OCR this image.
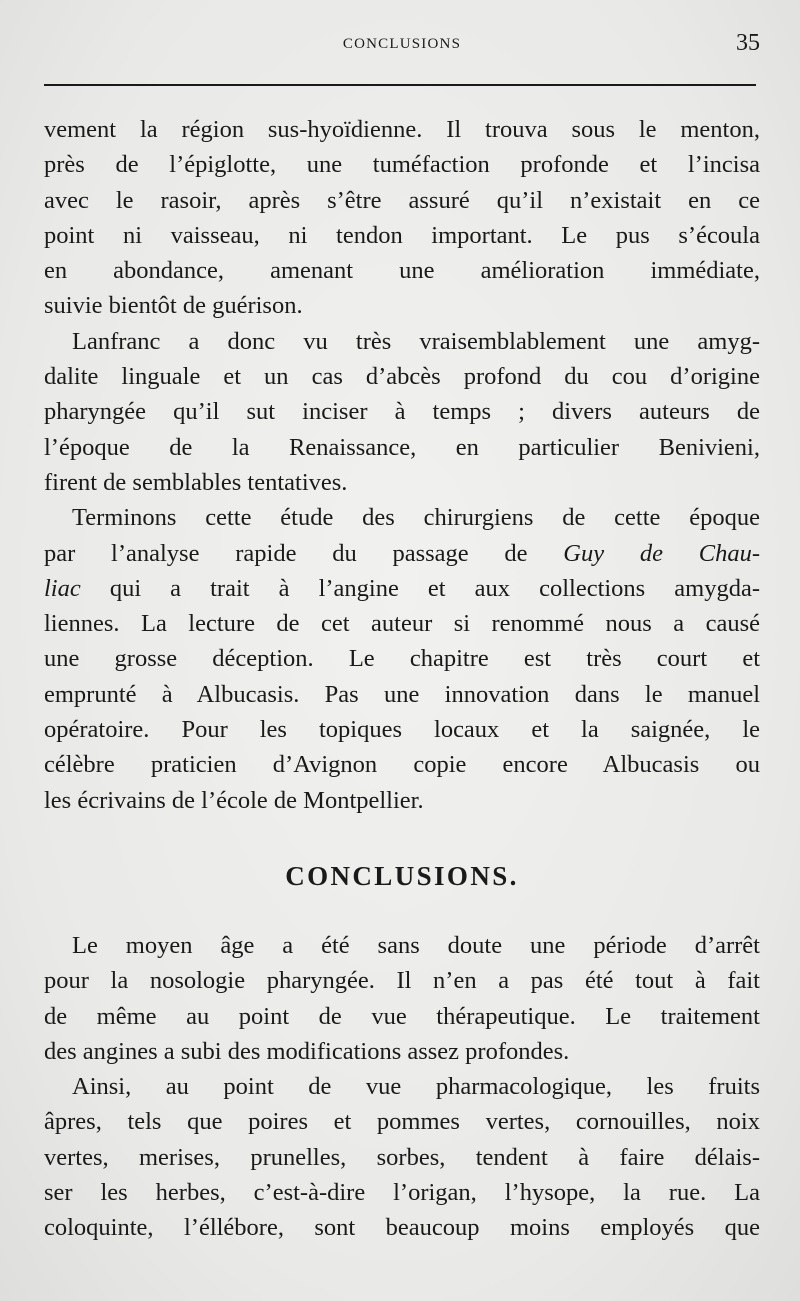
CONCLUSIONS	35
vement la région sus-hyoïdienne. Il trouva sous le menton,
près de l’épiglotte, une tuméfaction profonde et l’incisa
avec le rasoir, après s’être assuré qu’il n’existait en ce
point ni vaisseau, ni tendon important. Le pus s’écoula
en abondance, amenant une amélioration immédiate,
suivie bientôt de guérison.
Lanfranc a donc vu très vraisemblablement une amyg-
dalite linguale et un cas d’abcès profond du cou d’origine
pharyngée qu’il sut inciser à temps ; divers auteurs de
l’époque de la Renaissance, en particulier Benivieni,
firent de semblables tentatives.
Terminons cette étude des chirurgiens de cette époque
par l’analyse rapide du passage de Guy de Chau-
liac qui a trait à l’angine et aux collections amygda-
liennes. La lecture de cet auteur si renommé nous a causé
une grosse déception. Le chapitre est très court et
emprunté à Albucasis. Pas une innovation dans le manuel
opératoire. Pour les topiques locaux et la saignée, le
célèbre praticien d’Avignon copie encore Albucasis ou
les écrivains de l’école de Montpellier.
CONCLUSIONS.
Le moyen âge a été sans doute une période d’arrêt
pour la nosologie pharyngée. Il n’en a pas été tout à fait
de même au point de vue thérapeutique. Le traitement
des angines a subi des modifications assez profondes.
Ainsi, au point de vue pharmacologique, les fruits
âpres, tels que poires et pommes vertes, cornouilles, noix
vertes, merises, prunelles, sorbes, tendent à faire délais-
ser les herbes, c’est-à-dire l’origan, l’hysope, la rue. La
coloquinte, l’éllébore, sont beaucoup moins employés que
